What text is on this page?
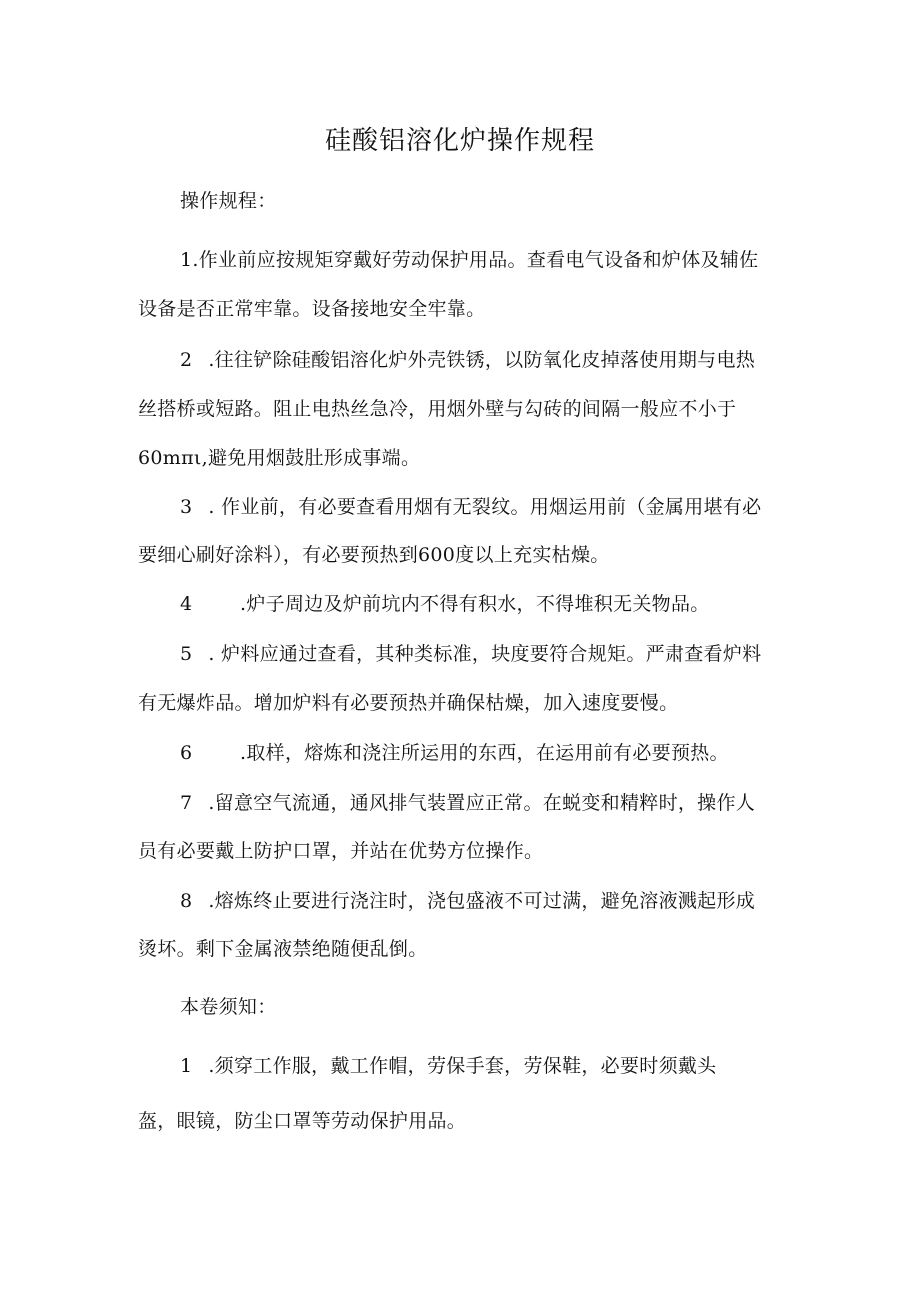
硅酸铝溶化炉操作规程
操作规程：
1.作业前应按规矩穿戴好劳动保护用品。查看电气设备和炉体及辅佐
设备是否正常牢靠。设备接地安全牢靠。
2 .往往铲除硅酸铝溶化炉外壳铁锈，以防氧化皮掉落使用期与电热
丝搭桥或短路。阻止电热丝急冷，用烟外壁与勾砖的间隔一般应不小于
60mπι,避免用烟鼓肚形成事端。
3 . 作业前，有必要查看用烟有无裂纹。用烟运用前（金属用堪有必
要细心刷好涂料），有必要预热到600度以上充实枯燥。
4	.炉子周边及炉前坑内不得有积水，不得堆积无关物品。
5 . 炉料应通过查看，其种类标准，块度要符合规矩。严肃查看炉料
有无爆炸品。增加炉料有必要预热并确保枯燥，加入速度要慢。
6	.取样，熔炼和浇注所运用的东西，在运用前有必要预热。
7 .留意空气流通，通风排气装置应正常。在蜕变和精粹时，操作人
员有必要戴上防护口罩，并站在优势方位操作。
8 .熔炼终止要进行浇注时，浇包盛液不可过满，避免溶液溅起形成
烫坏。剩下金属液禁绝随便乱倒。
本卷须知：
1 .须穿工作服，戴工作帽，劳保手套，劳保鞋，必要时须戴头
盔，眼镜，防尘口罩等劳动保护用品。
